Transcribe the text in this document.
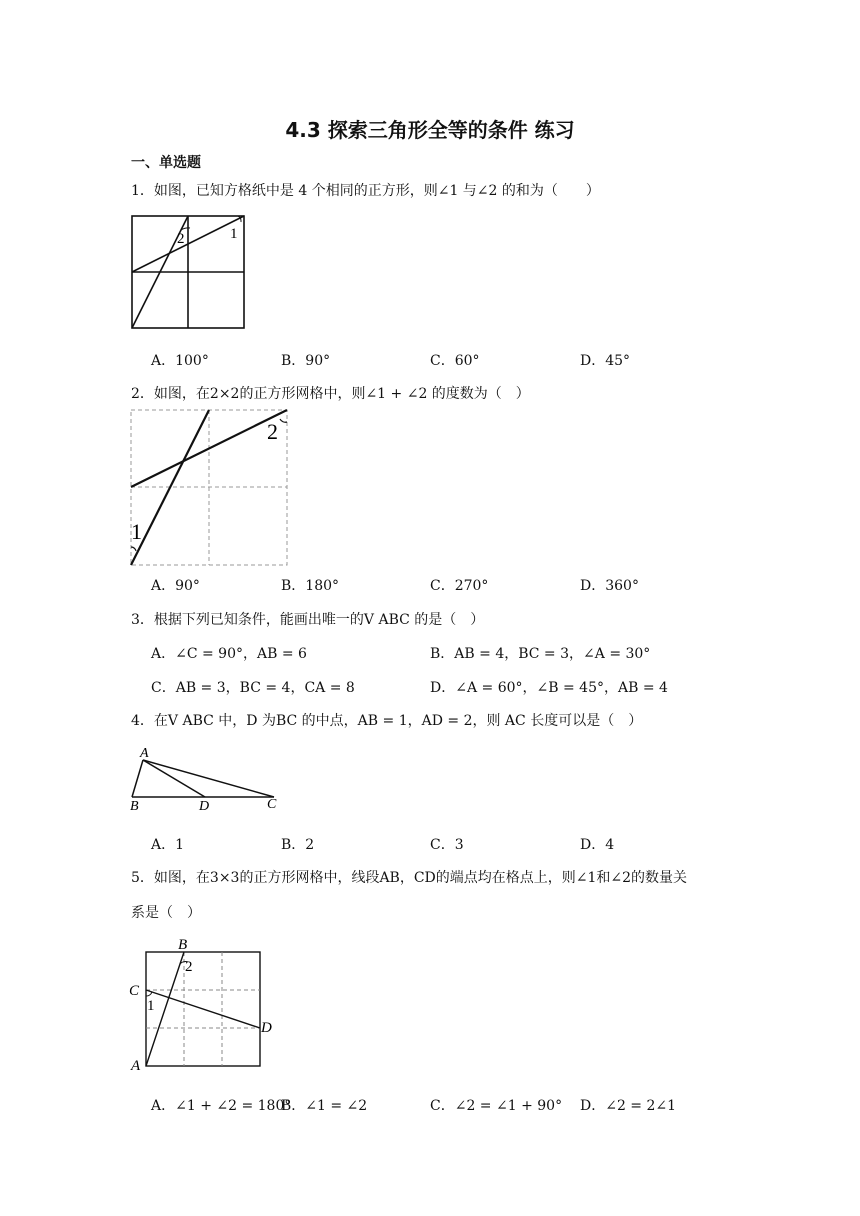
4.3 探索三角形全等的条件 练习
一、单选题
1．如图，已知方格纸中是 4 个相同的正方形，则∠1 与∠2 的和为（　　）
2	1
A．100°	B．90°	C．60°	D．45°
2．如图，在2×2的正方形网格中，则∠1 + ∠2 的度数为（　）
2
1
A．90°	B．180°	C．270°	D．360°
3．根据下列已知条件，能画出唯一的V ABC 的是（　）
A．∠C = 90°，AB = 6	B．AB = 4，BC = 3，∠A = 30°
C．AB = 3，BC = 4，CA = 8	D．∠A = 60°，∠B = 45°，AB = 4
4．在V ABC 中，D 为BC 的中点，AB = 1，AD = 2，则 AC 长度可以是（　）
A
B	D	C
A．1	B．2	C．3	D．4
5．如图，在3×3的正方形网格中，线段AB，CD的端点均在格点上，则∠1和∠2的数量关
系是（　）
B
2
C
1
D
A
A．∠1 + ∠2 = 180°
B．∠1 = ∠2	C．∠2 = ∠1 + 90° D．∠2 = 2∠1
